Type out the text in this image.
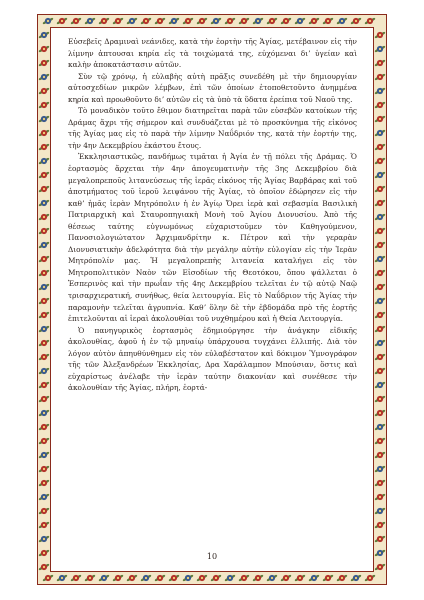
Εὐσεβεῖς Δραμιναὶ νεάνιδες, κατὰ τὴν ἑορτὴν τῆς Ἁγίας, μετέβαινον εἰς τὴν λίμνην ἀπτουσαι κηρία εἰς τὰ τοιχώματά της, εὐχόμεναι διʼ ὑγείαν καὶ καλὴν ἀποκατάστασιν αὐτῶν.

Σὺν τῷ χρόνῳ, ἡ εὐλαβὴς αὐτὴ πρᾶξις συνεδέθη μὲ τὴν δημιουργίαν αὐτοσχεδίων μικρῶν λέμβων, ἐπὶ τῶν ὁποίων ἐτοποθετοῦντο ἀνημμένα κηρία καὶ προωθοῦντο διʼ αὐτῶν εἰς τὰ ὑπὸ τὰ ὕδατα ἐρείπια τοῦ Ναοῦ της.

Τὸ μοναδικὸν τοῦτο ἔθιμον διατηρεῖται παρὰ τῶν εὐσεβῶν κατοίκων τῆς Δράμας ἄχρι τῆς σήμερον καὶ συνδυάζεται μὲ τὸ προσκύνημα τῆς εἰκόνος τῆς Ἁγίας μας εἰς τὸ παρὰ τὴν λίμνην Ναΰδριόν της, κατὰ τὴν ἑορτήν της, τὴν 4ην Δεκεμβρίου ἑκάστου ἔτους.

Ἐκκλησιαστικῶς, πανδήμως τιμᾶται ἡ Ἁγία ἐν τῇ πόλει τῆς Δράμας. Ὁ ἑορτασμὸς ἄρχεται τὴν 4ην ἀπογευματινὴν τῆς 3ης Δεκεμβρίου διὰ μεγαλοπρεποῦς λιτανεύσεως τῆς ἱερᾶς εἰκόνος τῆς Ἁγίας Βαρβάρας καὶ τοῦ ἀποτμήματος τοῦ ἱεροῦ λειψάνου τῆς Ἁγίας, τὸ ὁποῖον ἐδώρησεν εἰς τὴν καθʼ ἡμᾶς ἱερὰν Μητρόπολιν ἡ ἐν Ἁγίῳ Ὄρει ἱερὰ καὶ σεβασμία Βασιλικὴ Πατριαρχικὴ καὶ Σταυροπηγιακὴ Μονὴ τοῦ Ἁγίου Διονυσίου. Ἀπὸ τῆς θέσεως ταύτης εὐγνωμόνως εὐχαριστοῦμεν τὸν Καθηγούμενον, Πανοσιολογιώτατον Ἀρχιμανδρίτην κ. Πέτρον καὶ τὴν γεραρὰν Διονυσιατικὴν ἀδελφότητα διὰ τὴν μεγάλην αὐτὴν εὐλογίαν εἰς τὴν Ἱερὰν Μητρόπολίν μας. Ἡ μεγαλοπρεπὴς λιτανεία καταλήγει εἰς τὸν Μητροπολιτικὸν Ναὸν τῶν Εἰσοδίων τῆς Θεοτόκου, ὅπου ψάλλεται ὁ Ἑσπερινὸς καὶ τὴν πρωΐαν τῆς 4ης Δεκεμβρίου τελεῖται ἐν τῷ αὐτῷ Ναῷ τρισαρχιερατική, συνήθως, θεία λειτουργία. Εἰς τὸ Ναΰδριον τῆς Ἁγίας τὴν παραμονὴν τελεῖται ἀγρυπνία. Καθʼ ὅλην δὲ τὴν ἑβδομάδα πρὸ τῆς ἑορτῆς ἐπιτελοῦνται αἱ ἱεραὶ ἀκολουθίαι τοῦ νυχθημέρου καὶ ἡ Θεία Λειτουργία.

Ὁ πανηγυρικὸς ἑορτασμὸς ἐδημιούργησε τὴν ἀνάγκην εἰδικῆς ἀκολουθίας, ἀφοῦ ἡ ἐν τῷ μηναίῳ ὑπάρχουσα τυγχάνει ἐλλιπής. Διὰ τὸν λόγον αὐτὸν ἀπηυθύνθημεν εἰς τὸν εὐλαβέστατον καὶ δόκιμον Ὑμνογράφον τῆς τῶν Ἀλεξανδρέων Ἐκκλησίας, Δρα Χαράλαμπον Μπούσιαν, ὅστις καὶ εὐχαρίστως ἀνέλαβε τὴν ἱερὰν ταύτην διακονίαν καὶ συνέθεσε τὴν ἀκολουθίαν τῆς Ἁγίας, πλήρη, ἑορτά-

10
